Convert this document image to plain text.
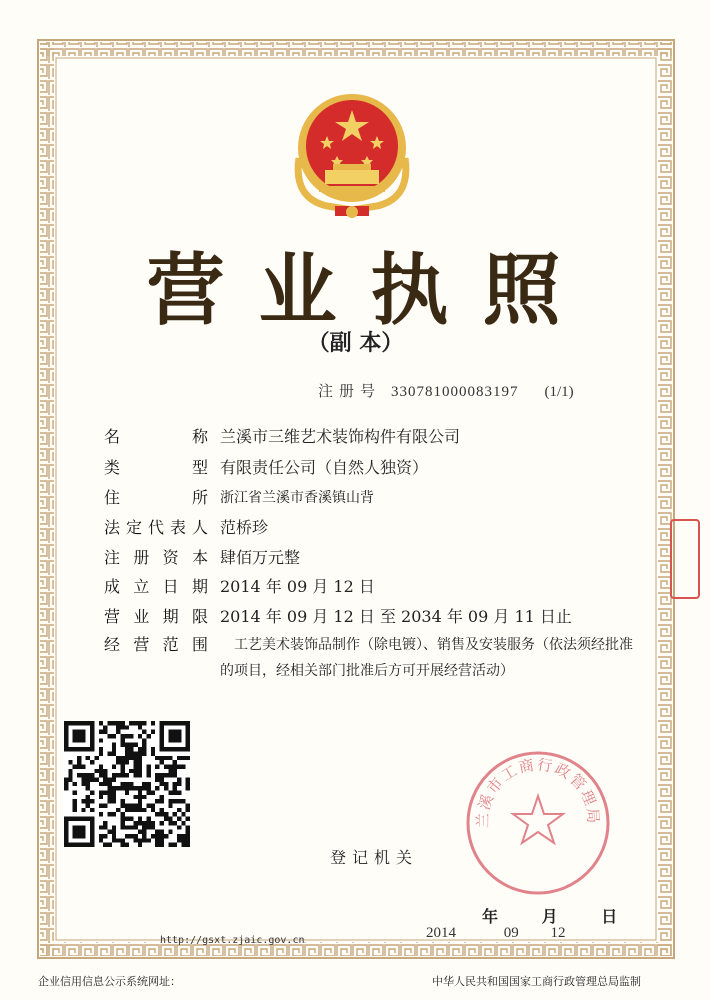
营业执照
（副 本）
注册号 330781000083197 (1/1)
名称 兰溪市三维艺术装饰构件有限公司
类型 有限责任公司（自然人独资）
住所 浙江省兰溪市香溪镇山背
法定代表人 范桥珍
注册资本 肆佰万元整
成立日期 2014 年 09 月 12 日
营业期限 2014 年 09 月 12 日 至 2034 年 09 月 11 日止
经营范围	工艺美术装饰品制作（除电镀）、销售及安装服务（依法须经批准的项目，经相关部门批准后方可开展经营活动）
登记机关
兰溪市工商行政管理局
年	月	日
2014	09 12
http://gsxt.zjaic.gov.cn
企业信用信息公示系统网址：	中华人民共和国国家工商行政管理总局监制
